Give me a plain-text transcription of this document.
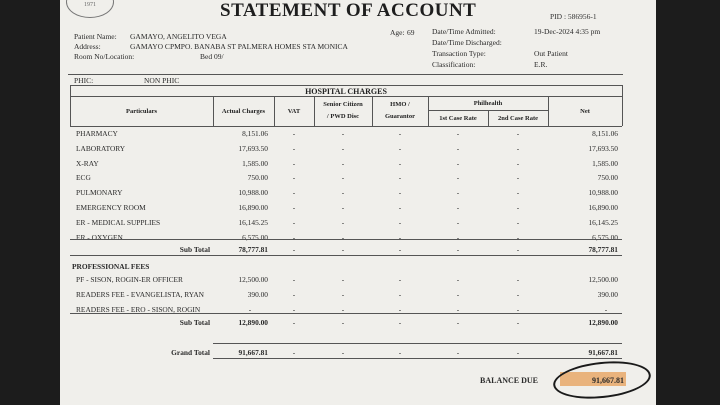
1971	STATEMENT OF ACCOUNT	PID : 586956-1
Patient Name: GAMAYO, ANGELITO VEGA	Age: 69
Address:	GAMAYO CPMPO. BANABA ST PALMERA HOMES STA MONICA
Room No/Location:	Bed 09/
Date/Time Admitted:	19-Dec-2024 4:35 pm
Date/Time Discharged:
Transaction Type:	Out Patient
Classification:	E.R.
PHIC:	NON PHIC
HOSPITAL CHARGES
Particulars	Actual Charges	VAT
Senior Citizen
/ PWD Disc
HMO /
Guarantor
Philhealth
1st Case Rate	2nd Case Rate
Net
PHARMACY	8,151.06	-	-	-	-	-	8,151.06
LABORATORY	17,693.50	-	-	-	-	-	17,693.50
X-RAY	1,585.00	-	-	-	-	-	1,585.00
ECG	750.00	-	-	-	-	-	750.00
PULMONARY	10,988.00	-	-	-	-	-	10,988.00
EMERGENCY ROOM	16,890.00	-	-	-	-	-	16,890.00
ER - MEDICAL SUPPLIES	16,145.25	-	-	-	-	-	16,145.25
ER - OXYGEN	6,575.00	-	-	-	-	-	6,575.00
Sub Total	78,777.81	-	-	-	-	-	78,777.81
PROFESSIONAL FEES
PF - SISON, ROGIN-ER OFFICER	12,500.00	-	-	-	-	-	12,500.00
READERS FEE - EVANGELISTA, RYAN	390.00	-	-	-	-	-	390.00
READERS FEE - ERO - SISON, ROGIN	-	-	-	-	-	-	-
Sub Total	12,890.00	-	-	-	-	-	12,890.00
Grand Total	91,667.81	-	-	-	-	-	91,667.81
BALANCE DUE	91,667.81
